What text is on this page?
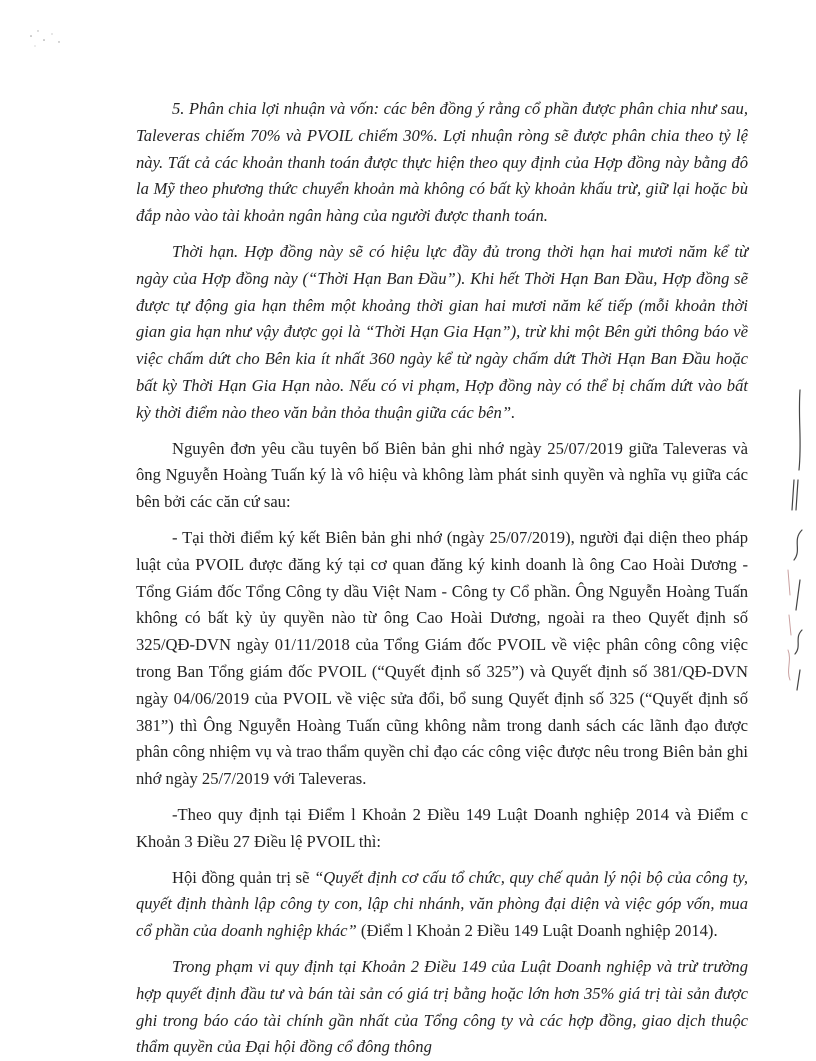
5. Phân chia lợi nhuận và vốn: các bên đồng ý rằng cổ phần được phân chia như sau, Taleveras chiếm 70% và PVOIL chiếm 30%. Lợi nhuận ròng sẽ được phân chia theo tỷ lệ này. Tất cả các khoản thanh toán được thực hiện theo quy định của Hợp đồng này bằng đô la Mỹ theo phương thức chuyển khoản mà không có bất kỳ khoản khấu trừ, giữ lại hoặc bù đắp nào vào tài khoản ngân hàng của người được thanh toán.

Thời hạn. Hợp đồng này sẽ có hiệu lực đầy đủ trong thời hạn hai mươi năm kể từ ngày của Hợp đồng này (“Thời Hạn Ban Đầu”). Khi hết Thời Hạn Ban Đầu, Hợp đồng sẽ được tự động gia hạn thêm một khoảng thời gian hai mươi năm kế tiếp (mỗi khoản thời gian gia hạn như vậy được gọi là “Thời Hạn Gia Hạn”), trừ khi một Bên gửi thông báo về việc chấm dứt cho Bên kia ít nhất 360 ngày kể từ ngày chấm dứt Thời Hạn Ban Đầu hoặc bất kỳ Thời Hạn Gia Hạn nào. Nếu có vi phạm, Hợp đồng này có thể bị chấm dứt vào bất kỳ thời điểm nào theo văn bản thỏa thuận giữa các bên”.

Nguyên đơn yêu cầu tuyên bố Biên bản ghi nhớ ngày 25/07/2019 giữa Taleveras và ông Nguyễn Hoàng Tuấn ký là vô hiệu và không làm phát sinh quyền và nghĩa vụ giữa các bên bởi các căn cứ sau:

- Tại thời điểm ký kết Biên bản ghi nhớ (ngày 25/07/2019), người đại diện theo pháp luật của PVOIL được đăng ký tại cơ quan đăng ký kinh doanh là ông Cao Hoài Dương - Tổng Giám đốc Tổng Công ty dầu Việt Nam - Công ty Cổ phần. Ông Nguyễn Hoàng Tuấn không có bất kỳ ủy quyền nào từ ông Cao Hoài Dương, ngoài ra theo Quyết định số 325/QĐ-DVN ngày 01/11/2018 của Tổng Giám đốc PVOIL về việc phân công công việc trong Ban Tổng giám đốc PVOIL (“Quyết định số 325”) và Quyết định số 381/QĐ-DVN ngày 04/06/2019 của PVOIL về việc sửa đổi, bổ sung Quyết định số 325 (“Quyết định số 381”) thì Ông Nguyễn Hoàng Tuấn cũng không nằm trong danh sách các lãnh đạo được phân công nhiệm vụ và trao thẩm quyền chỉ đạo các công việc được nêu trong Biên bản ghi nhớ ngày 25/7/2019 với Taleveras.

-Theo quy định tại Điểm l Khoản 2 Điều 149 Luật Doanh nghiệp 2014 và Điểm c Khoản 3 Điều 27 Điều lệ PVOIL thì:

Hội đồng quản trị sẽ “Quyết định cơ cấu tổ chức, quy chế quản lý nội bộ của công ty, quyết định thành lập công ty con, lập chi nhánh, văn phòng đại diện và việc góp vốn, mua cổ phần của doanh nghiệp khác” (Điểm l Khoản 2 Điều 149 Luật Doanh nghiệp 2014).

Trong phạm vi quy định tại Khoản 2 Điều 149 của Luật Doanh nghiệp và trừ trường hợp quyết định đầu tư và bán tài sản có giá trị bằng hoặc lớn hơn 35% giá trị tài sản được ghi trong báo cáo tài chính gần nhất của Tổng công ty và các hợp đồng, giao dịch thuộc thẩm quyền của Đại hội đồng cổ đông thông
